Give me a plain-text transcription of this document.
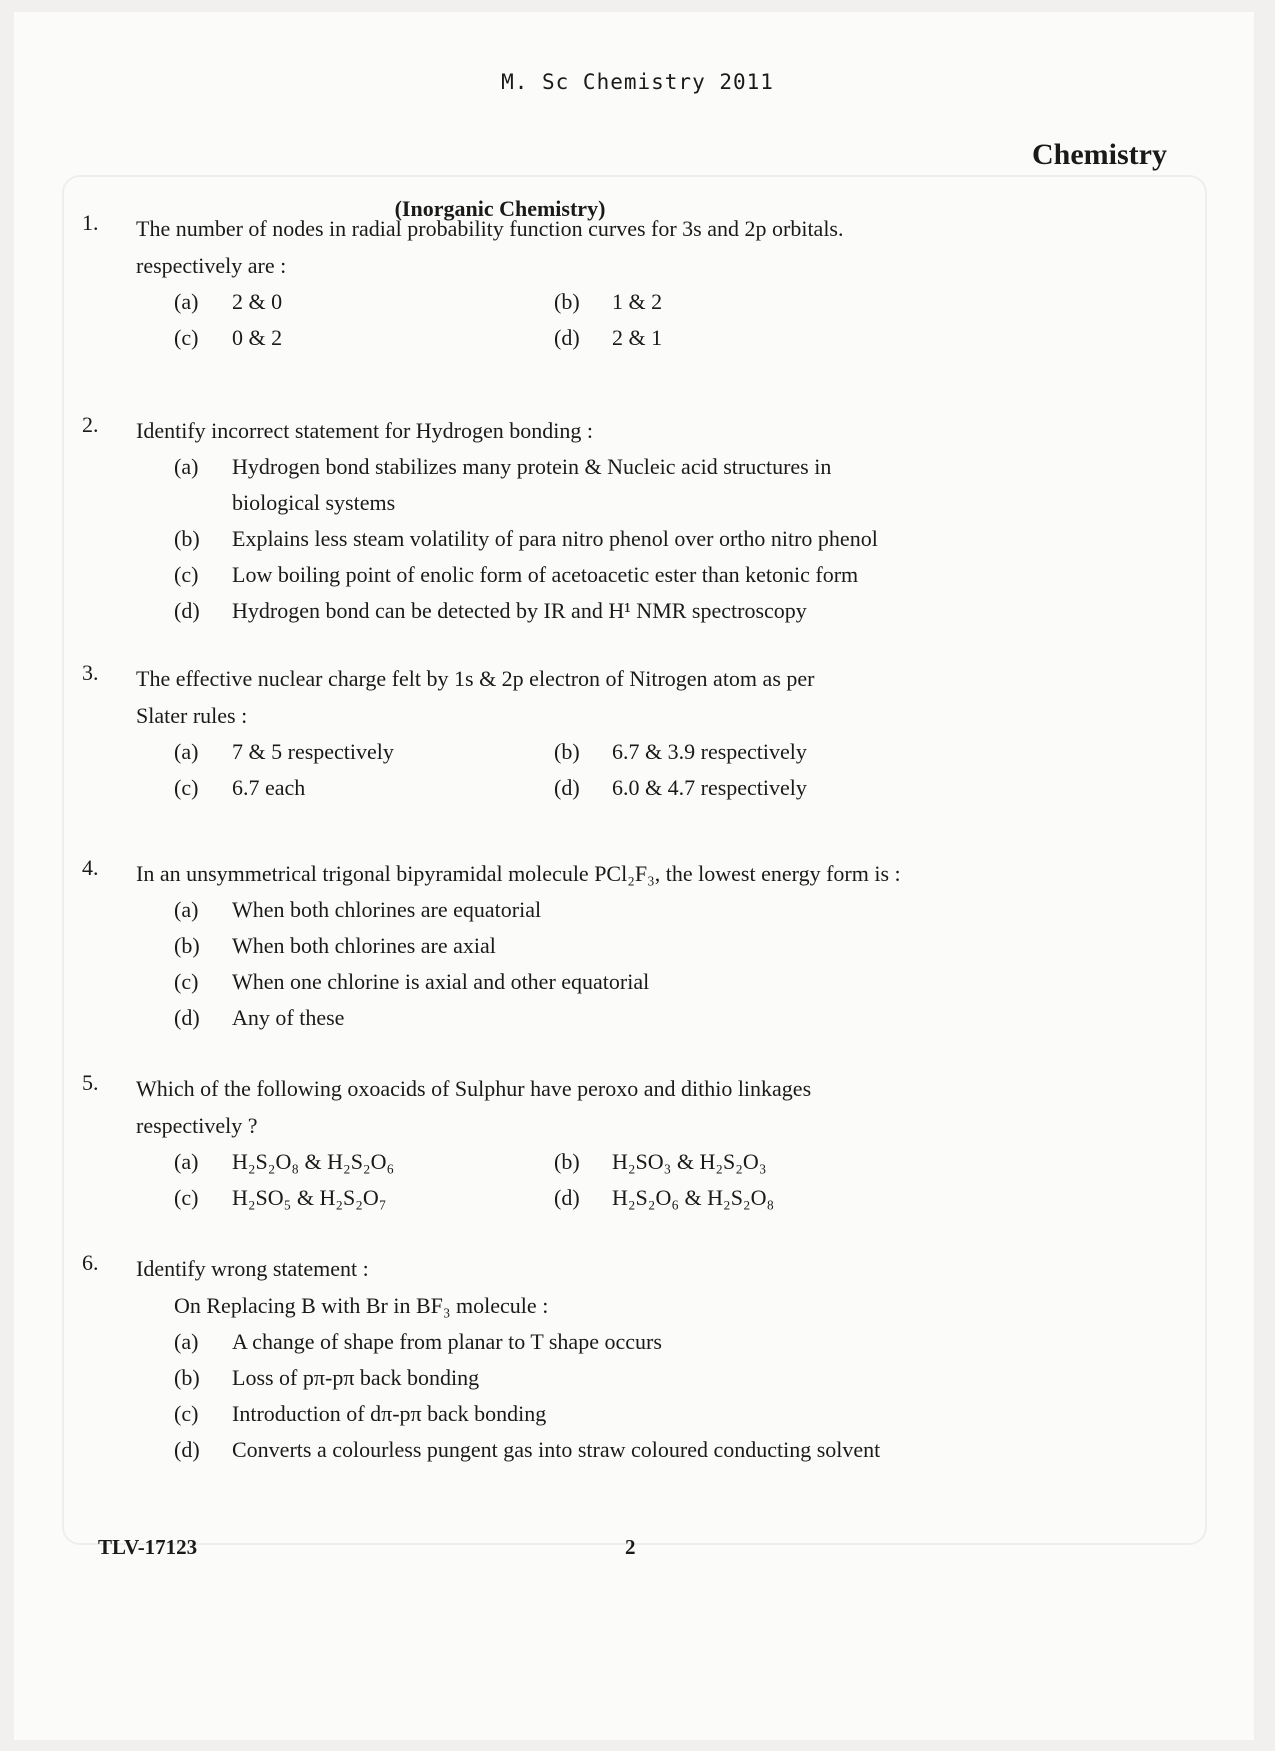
M. Sc Chemistry 2011
Chemistry
(Inorganic Chemistry)
1. The number of nodes in radial probability function curves for 3s and 2p orbitals. respectively are :
(a)	2 & 0	(b)	1 & 2
(c)	0 & 2	(d)	2 & 1
2. Identify incorrect statement for Hydrogen bonding :
(a)	Hydrogen bond stabilizes many protein & Nucleic acid structures in biological systems
(b)	Explains less steam volatility of para nitro phenol over ortho nitro phenol
(c)	Low boiling point of enolic form of acetoacetic ester than ketonic form
(d)	Hydrogen bond can be detected by IR and H¹ NMR spectroscopy
3. The effective nuclear charge felt by 1s & 2p electron of Nitrogen atom as per Slater rules :
(a)	7 & 5 respectively	(b)	6.7 & 3.9 respectively
(c)	6.7 each	(d)	6.0 & 4.7 respectively
4. In an unsymmetrical trigonal bipyramidal molecule PCl₂F₃, the lowest energy form is :
(a)	When both chlorines are equatorial
(b)	When both chlorines are axial
(c)	When one chlorine is axial and other equatorial
(d)	Any of these
5. Which of the following oxoacids of Sulphur have peroxo and dithio linkages respectively ?
(a)	H₂S₂O₈ & H₂S₂O₆	(b)	H₂SO₃ & H₂S₂O₃
(c)	H₂SO₅ & H₂S₂O₇	(d)	H₂S₂O₆ & H₂S₂O₈
6. Identify wrong statement :
On Replacing B with Br in BF₃ molecule :
(a)	A change of shape from planar to T shape occurs
(b)	Loss of pπ-pπ back bonding
(c)	Introduction of dπ-pπ back bonding
(d)	Converts a colourless pungent gas into straw coloured conducting solvent
TLV-17123	2
